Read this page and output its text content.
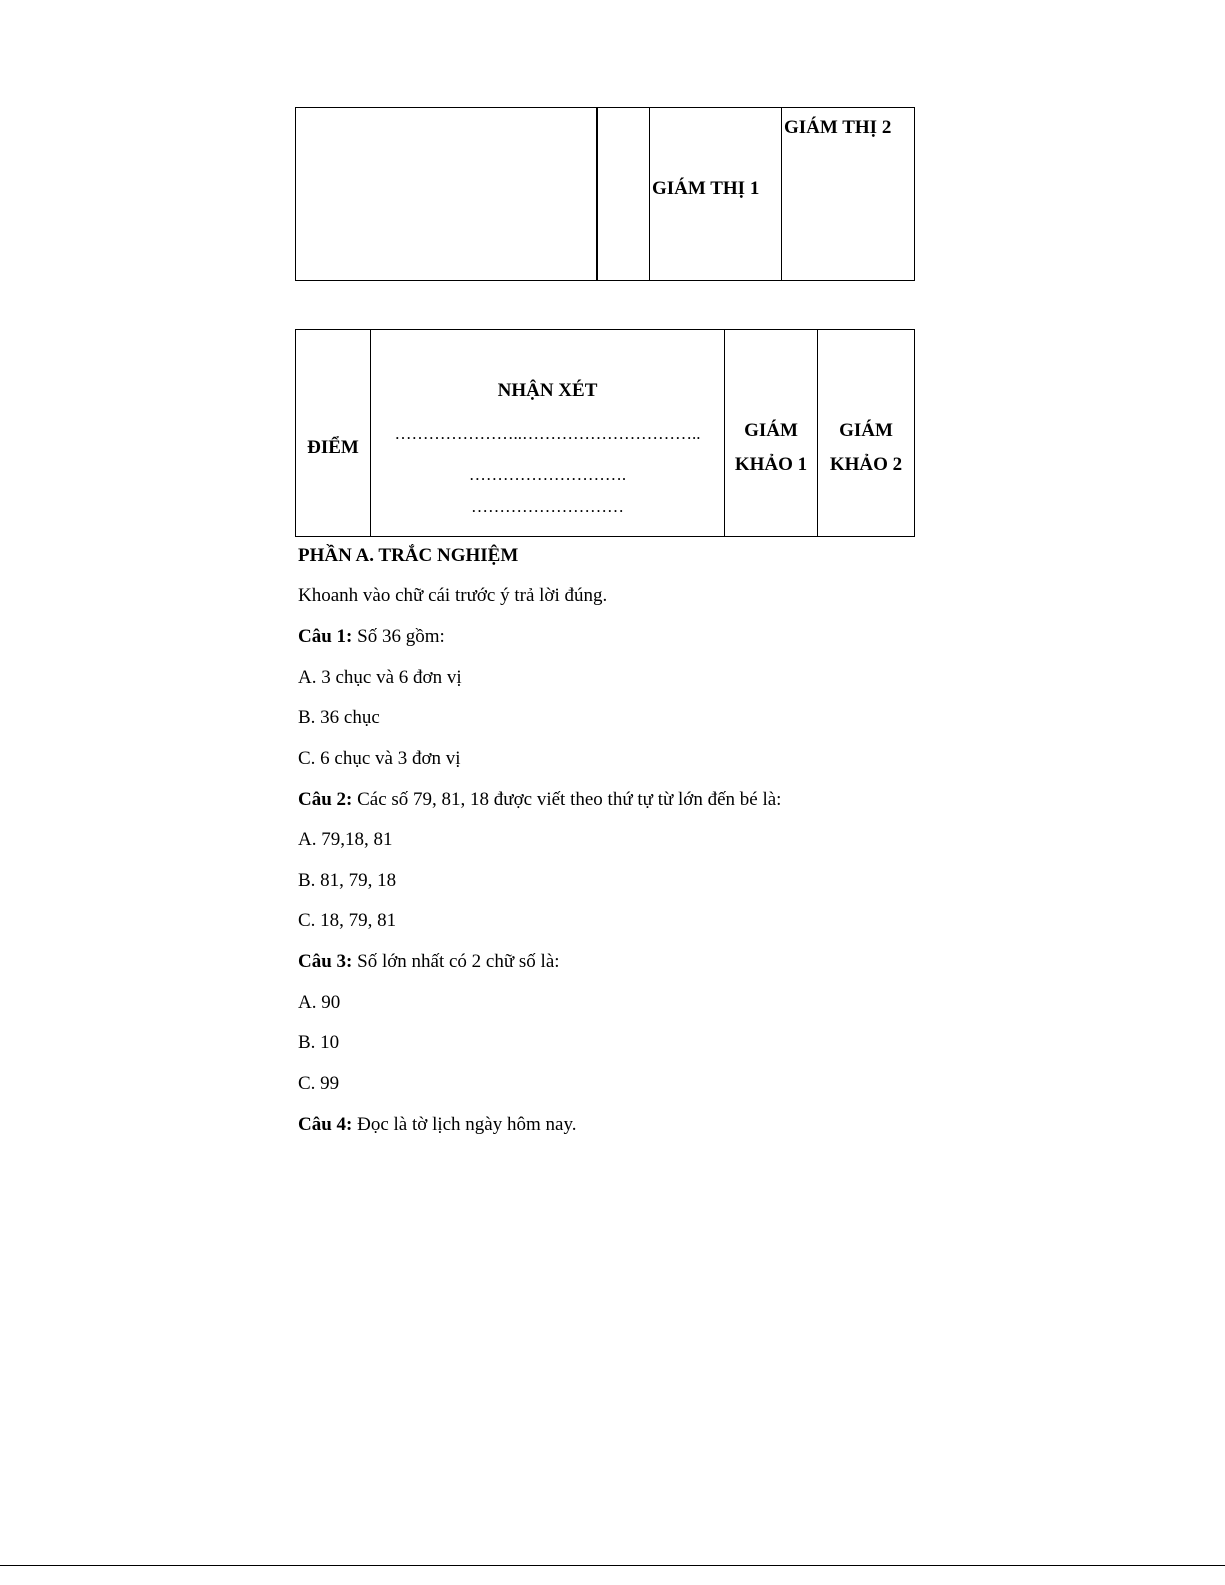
GIÁM THỊ 1
GIÁM THỊ 2
ĐIỂM
NHẬN XÉT
…………………..…………………………..
……………………….
………………………
GIÁM
KHẢO 1
GIÁM
KHẢO 2
PHẦN A. TRẮC NGHIỆM
Khoanh vào chữ cái trước ý trả lời đúng.
Câu 1: Số 36 gồm:
A. 3 chục và 6 đơn vị
B. 36 chục
C. 6 chục và 3 đơn vị
Câu 2: Các số 79, 81, 18 được viết theo thứ tự từ lớn đến bé là:
A. 79,18, 81
B. 81, 79, 18
C. 18, 79, 81
Câu 3: Số lớn nhất có 2 chữ số là:
A. 90
B. 10
C. 99
Câu 4: Đọc là tờ lịch ngày hôm nay.
